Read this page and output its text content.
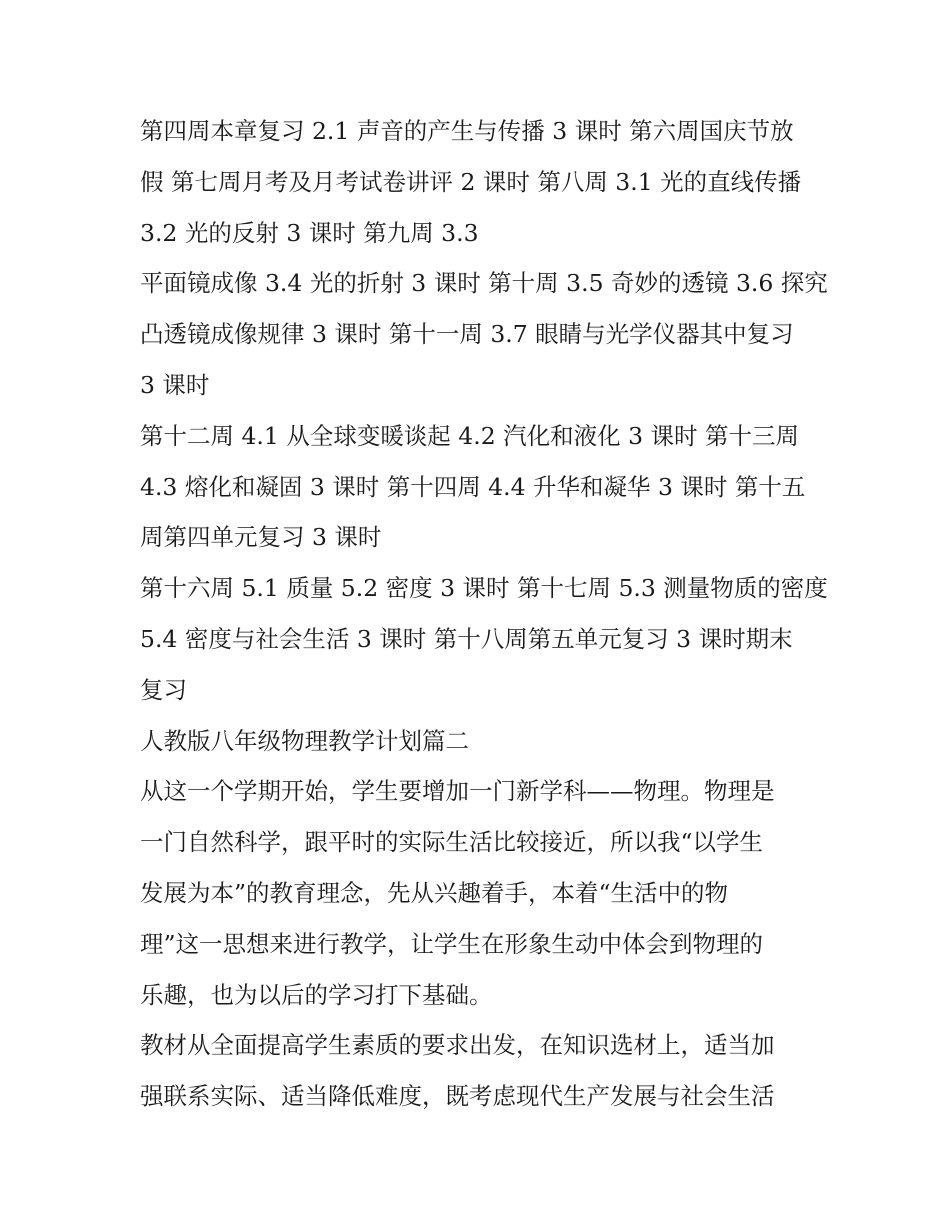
第四周本章复习 2.1 声音的产生与传播 3 课时 第六周国庆节放
假 第七周月考及月考试卷讲评 2 课时 第八周 3.1 光的直线传播
3.2 光的反射 3 课时 第九周 3.3
平面镜成像 3.4 光的折射 3 课时 第十周 3.5 奇妙的透镜 3.6 探究
凸透镜成像规律 3 课时 第十一周 3.7 眼睛与光学仪器其中复习
3 课时
第十二周 4.1 从全球变暖谈起 4.2 汽化和液化 3 课时 第十三周
4.3 熔化和凝固 3 课时 第十四周 4.4 升华和凝华 3 课时 第十五
周第四单元复习 3 课时
第十六周 5.1 质量 5.2 密度 3 课时 第十七周 5.3 测量物质的密度
5.4 密度与社会生活 3 课时 第十八周第五单元复习 3 课时期末
复习
人教版八年级物理教学计划篇二
从这一个学期开始，学生要增加一门新学科——物理。物理是
一门自然科学，跟平时的实际生活比较接近，所以我“以学生
发展为本”的教育理念，先从兴趣着手，本着“生活中的物
理”这一思想来进行教学，让学生在形象生动中体会到物理的
乐趣，也为以后的学习打下基础。
教材从全面提高学生素质的要求出发，在知识选材上，适当加
强联系实际、适当降低难度，既考虑现代生产发展与社会生活
